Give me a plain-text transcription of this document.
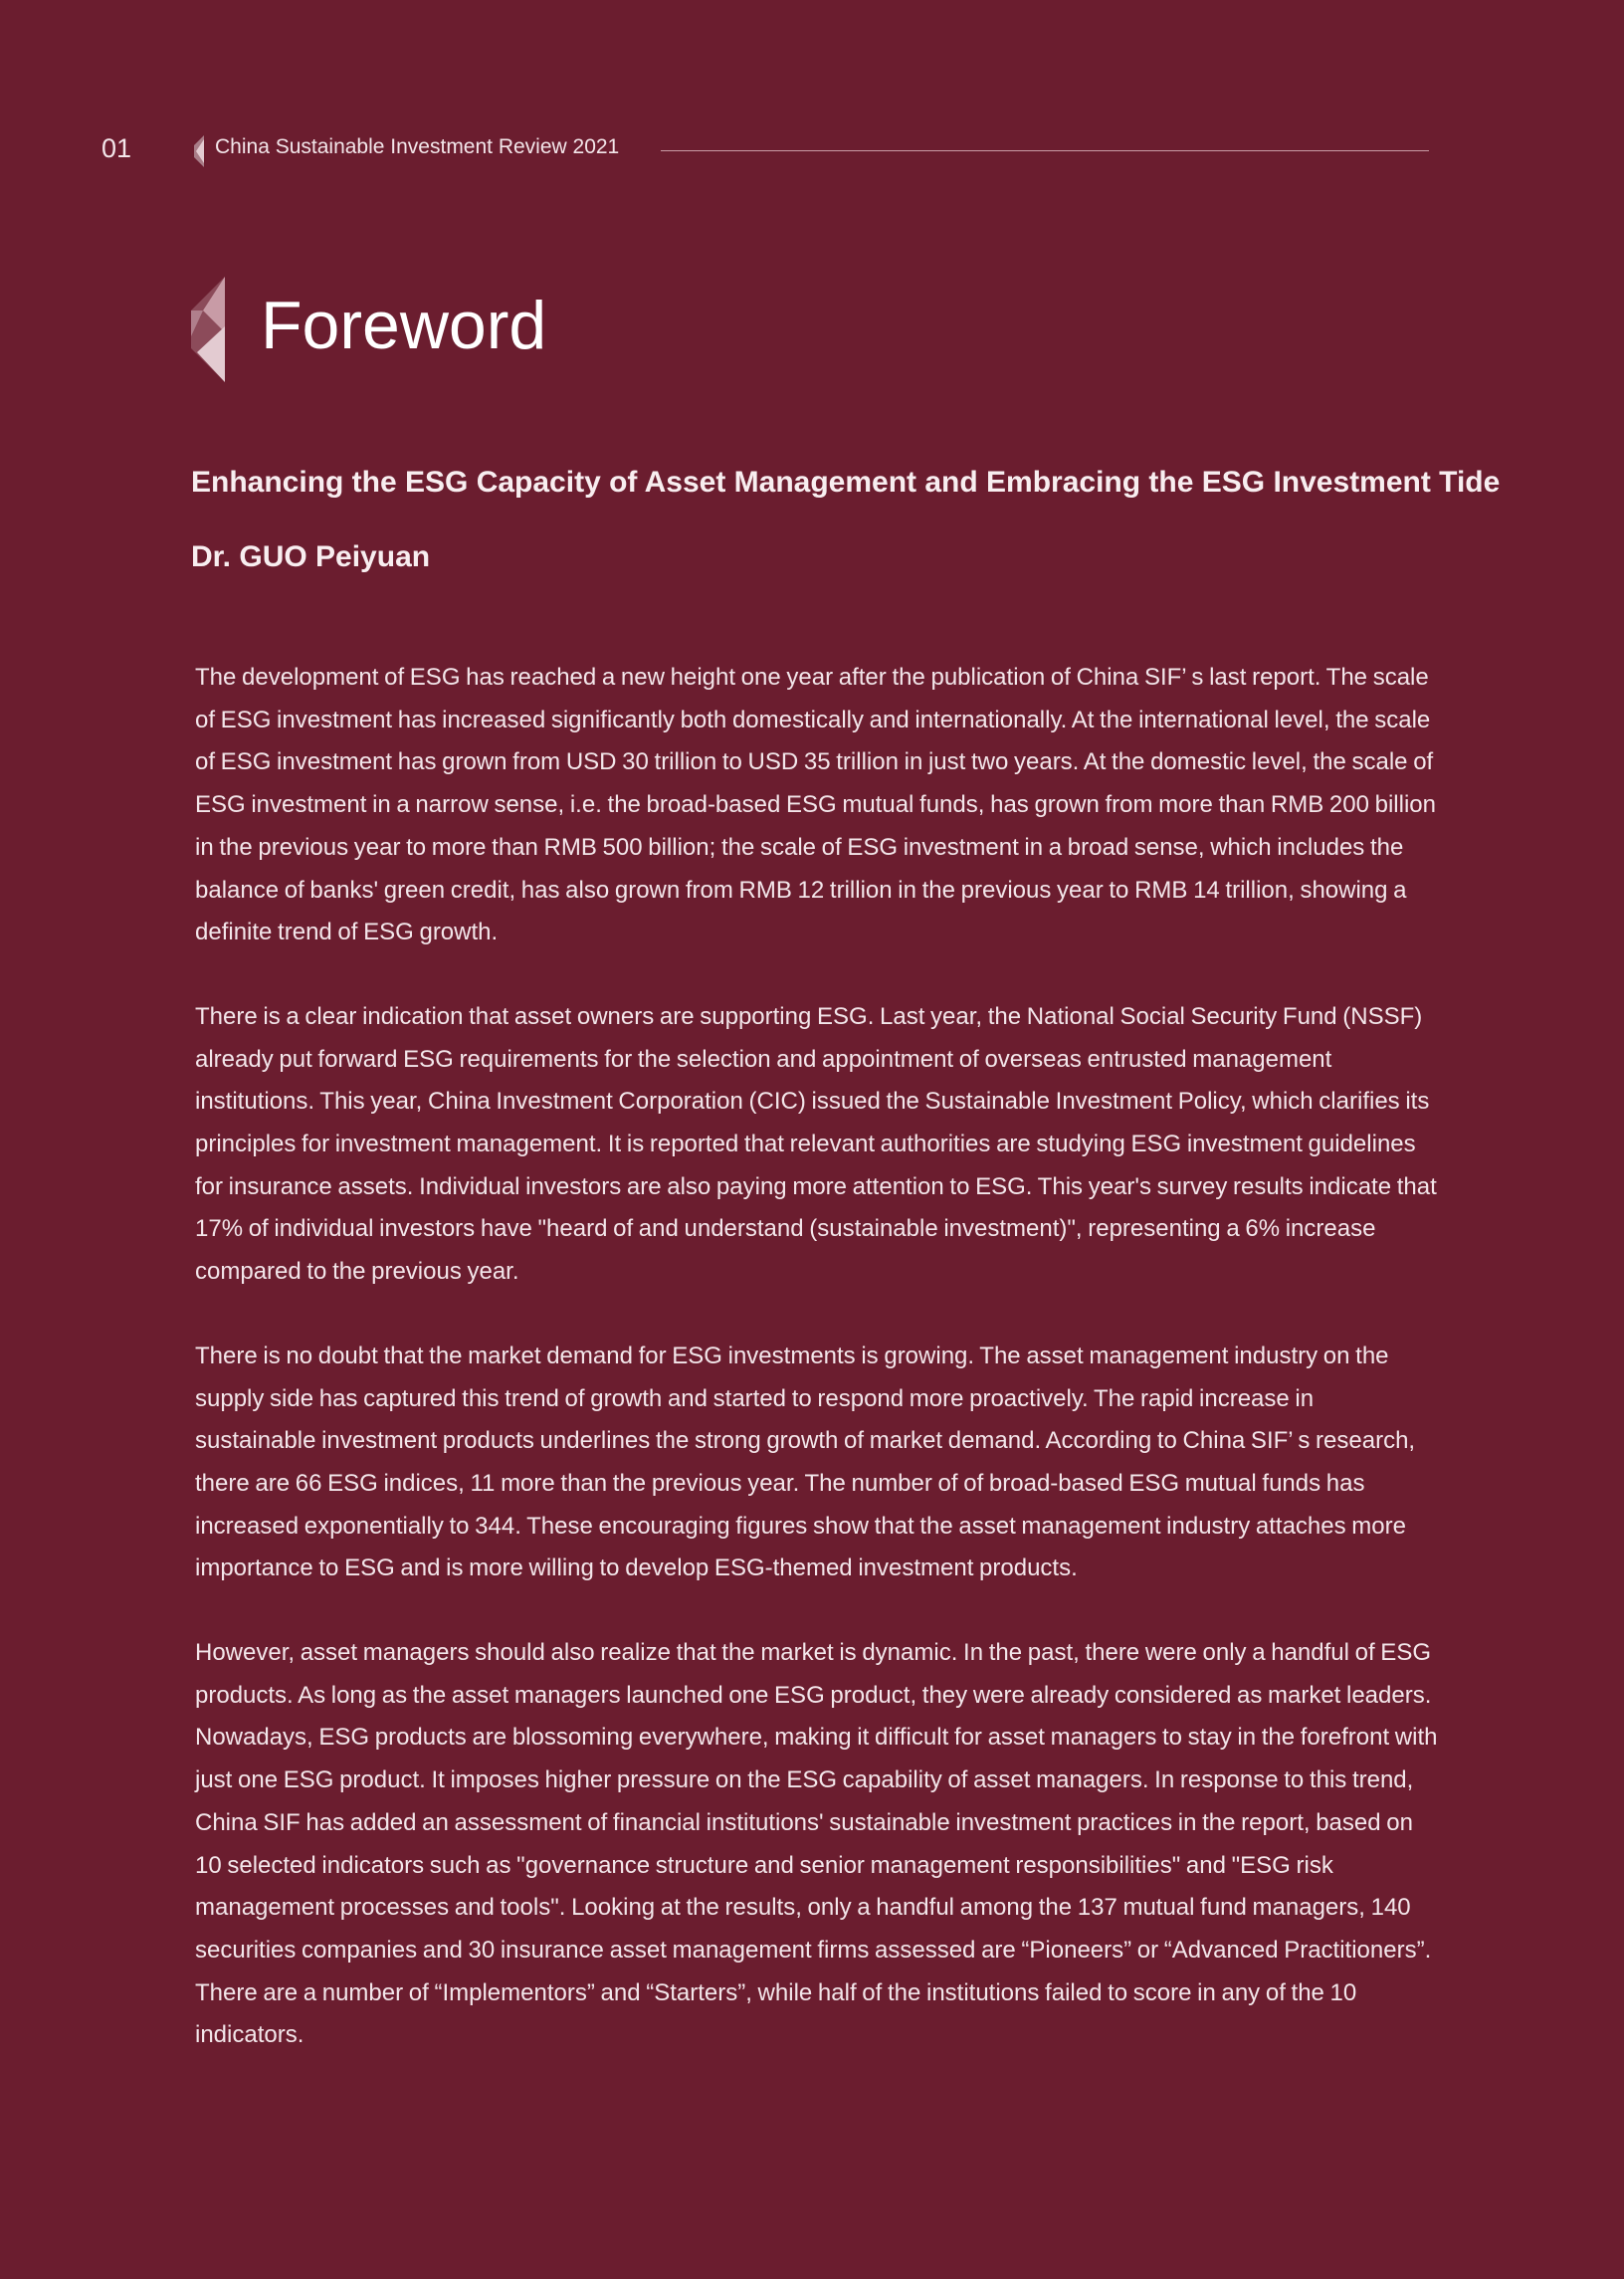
01	China Sustainable Investment Review 2021
Foreword
Enhancing the ESG Capacity of Asset Management and Embracing the ESG Investment Tide
Dr. GUO Peiyuan

The development of ESG has reached a new height one year after the publication of China SIF’ s last report. The scale of ESG investment has increased significantly both domestically and internationally. At the international level, the scale of ESG investment has grown from USD 30 trillion to USD 35 trillion in just two years. At the domestic level, the scale of ESG investment in a narrow sense, i.e. the broad-based ESG mutual funds, has grown from more than RMB 200 billion in the previous year to more than RMB 500 billion; the scale of ESG investment in a broad sense, which includes the balance of banks' green credit, has also grown from RMB 12 trillion in the previous year to RMB 14 trillion, showing a definite trend of ESG growth.

There is a clear indication that asset owners are supporting ESG. Last year, the National Social Security Fund (NSSF) already put forward ESG requirements for the selection and appointment of overseas entrusted management institutions. This year, China Investment Corporation (CIC) issued the Sustainable Investment Policy, which clarifies its principles for investment management. It is reported that relevant authorities are studying ESG investment guidelines for insurance assets. Individual investors are also paying more attention to ESG. This year's survey results indicate that 17% of individual investors have "heard of and understand (sustainable investment)", representing a 6% increase compared to the previous year.

There is no doubt that the market demand for ESG investments is growing. The asset management industry on the supply side has captured this trend of growth and started to respond more proactively. The rapid increase in sustainable investment products underlines the strong growth of market demand. According to China SIF’ s research, there are 66 ESG indices, 11 more than the previous year. The number of of broad-based ESG mutual funds has increased exponentially to 344. These encouraging figures show that the asset management industry attaches more importance to ESG and is more willing to develop ESG-themed investment products.

However, asset managers should also realize that the market is dynamic. In the past, there were only a handful of ESG products. As long as the asset managers launched one ESG product, they were already considered as market leaders. Nowadays, ESG products are blossoming everywhere, making it difficult for asset managers to stay in the forefront with just one ESG product. It imposes higher pressure on the ESG capability of asset managers. In response to this trend, China SIF has added an assessment of financial institutions' sustainable investment practices in the report, based on 10 selected indicators such as "governance structure and senior management responsibilities" and "ESG risk management processes and tools". Looking at the results, only a handful among the 137 mutual fund managers, 140 securities companies and 30 insurance asset management firms assessed are “Pioneers” or “Advanced Practitioners”. There are a number of “Implementors” and “Starters”, while half of the institutions failed to score in any of the 10 indicators.
